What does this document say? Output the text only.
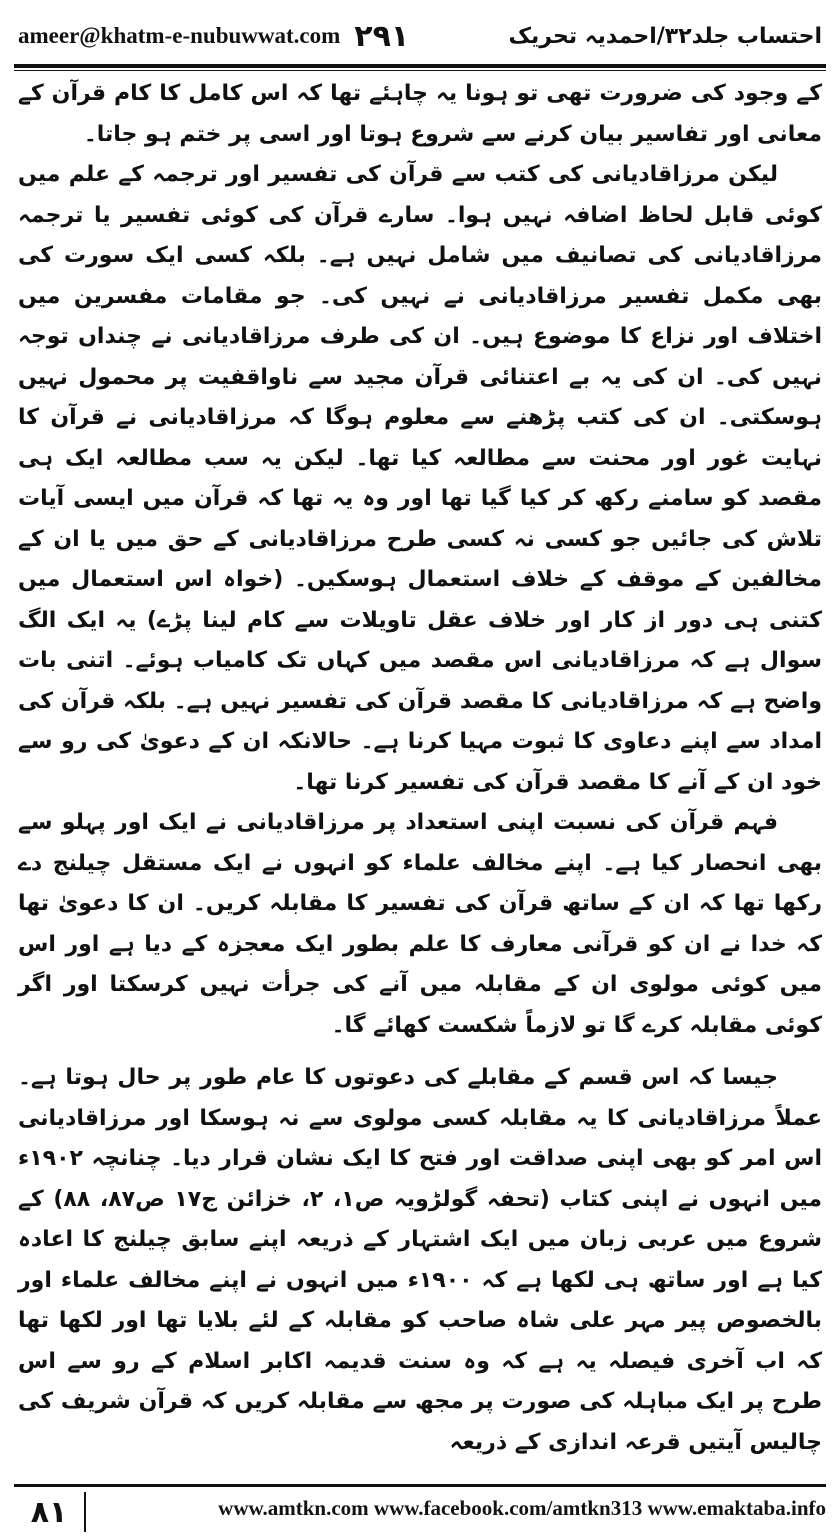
ameer@khatm-e-nubuwwat.com ۲۹۱	احتساب جلد۳۲/احمدیہ تحریک

کے وجود کی ضرورت تھی تو ہونا یہ چاہئے تھا کہ اس کامل کا کام قرآن کے معانی اور تفاسیر بیان کرنے سے شروع ہوتا اور اسی پر ختم ہو جاتا۔

لیکن مرزاقادیانی کی کتب سے قرآن کی تفسیر اور ترجمہ کے علم میں کوئی قابل لحاظ اضافہ نہیں ہوا۔ سارے قرآن کی کوئی تفسیر یا ترجمہ مرزاقادیانی کی تصانیف میں شامل نہیں ہے۔ بلکہ کسی ایک سورت کی بھی مکمل تفسیر مرزاقادیانی نے نہیں کی۔ جو مقامات مفسرین میں اختلاف اور نزاع کا موضوع ہیں۔ ان کی طرف مرزاقادیانی نے چنداں توجہ نہیں کی۔ ان کی یہ بے اعتنائی قرآن مجید سے ناواقفیت پر محمول نہیں ہوسکتی۔ ان کی کتب پڑھنے سے معلوم ہوگا کہ مرزاقادیانی نے قرآن کا نہایت غور اور محنت سے مطالعہ کیا تھا۔ لیکن یہ سب مطالعہ ایک ہی مقصد کو سامنے رکھ کر کیا گیا تھا اور وہ یہ تھا کہ قرآن میں ایسی آیات تلاش کی جائیں جو کسی نہ کسی طرح مرزاقادیانی کے حق میں یا ان کے مخالفین کے موقف کے خلاف استعمال ہوسکیں۔ (خواہ اس استعمال میں کتنی ہی دور از کار اور خلاف عقل تاویلات سے کام لینا پڑے) یہ ایک الگ سوال ہے کہ مرزاقادیانی اس مقصد میں کہاں تک کامیاب ہوئے۔ اتنی بات واضح ہے کہ مرزاقادیانی کا مقصد قرآن کی تفسیر نہیں ہے۔ بلکہ قرآن کی امداد سے اپنے دعاوی کا ثبوت مہیا کرنا ہے۔ حالانکہ ان کے دعویٰ کی رو سے خود ان کے آنے کا مقصد قرآن کی تفسیر کرنا تھا۔

فہم قرآن کی نسبت اپنی استعداد پر مرزاقادیانی نے ایک اور پہلو سے بھی انحصار کیا ہے۔ اپنے مخالف علماء کو انہوں نے ایک مستقل چیلنج دے رکھا تھا کہ ان کے ساتھ قرآن کی تفسیر کا مقابلہ کریں۔ ان کا دعویٰ تھا کہ خدا نے ان کو قرآنی معارف کا علم بطور ایک معجزہ کے دیا ہے اور اس میں کوئی مولوی ان کے مقابلہ میں آنے کی جرأت نہیں کرسکتا اور اگر کوئی مقابلہ کرے گا تو لازماً شکست کھائے گا۔

جیسا کہ اس قسم کے مقابلے کی دعوتوں کا عام طور پر حال ہوتا ہے۔ عملاً مرزاقادیانی کا یہ مقابلہ کسی مولوی سے نہ ہوسکا اور مرزاقادیانی اس امر کو بھی اپنی صداقت اور فتح کا ایک نشان قرار دیا۔ چنانچہ ۱۹۰۲ء میں انہوں نے اپنی کتاب (تحفہ گولڑویہ ص۱، ۲، خزائن ج۱۷ ص۸۷، ۸۸) کے شروع میں عربی زبان میں ایک اشتہار کے ذریعہ اپنے سابق چیلنج کا اعادہ کیا ہے اور ساتھ ہی لکھا ہے کہ ۱۹۰۰ء میں انہوں نے اپنے مخالف علماء اور بالخصوص پیر مہر علی شاہ صاحب کو مقابلہ کے لئے بلایا تھا اور لکھا تھا کہ اب آخری فیصلہ یہ ہے کہ وہ سنت قدیمہ اکابر اسلام کے رو سے اس طرح پر ایک مباہلہ کی صورت پر مجھ سے مقابلہ کریں کہ قرآن شریف کی چالیس آیتیں قرعہ اندازی کے ذریعہ

۸۱	www.amtkn.com www.facebook.com/amtkn313 www.emaktaba.info
